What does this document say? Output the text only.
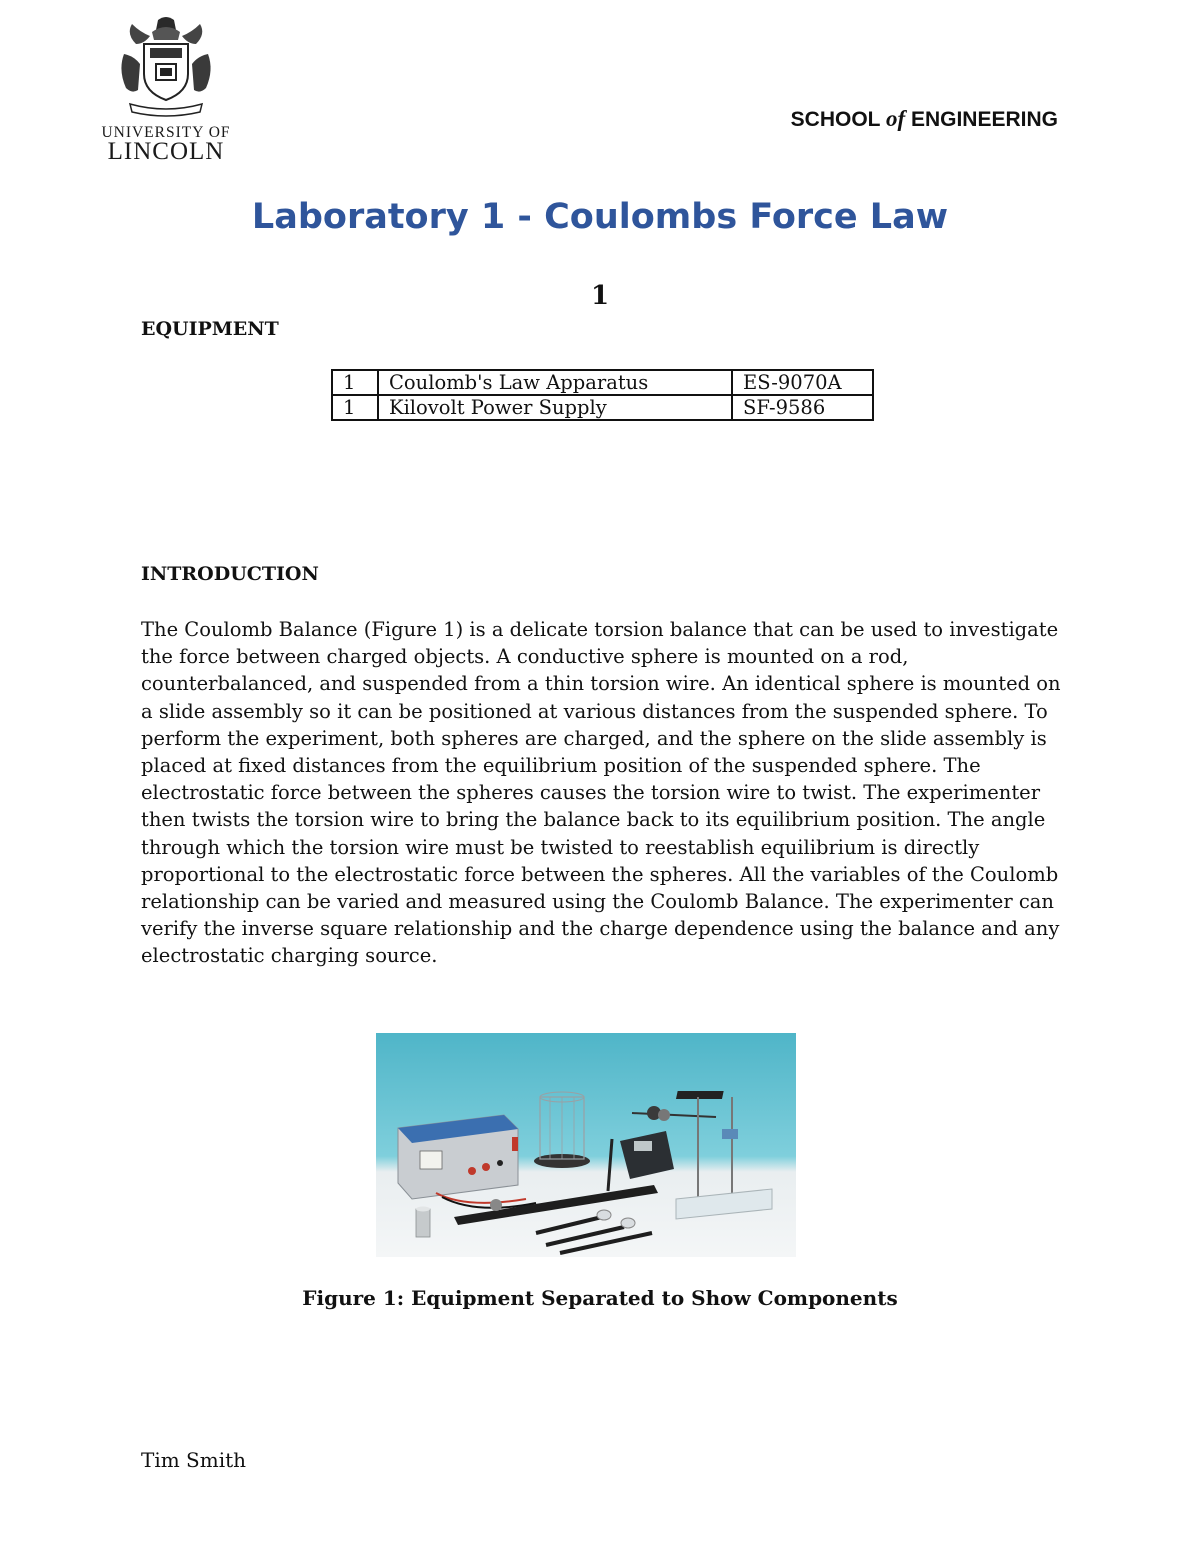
UNIVERSITY OF
LINCOLN
SCHOOL of ENGINEERING
Laboratory 1 - Coulombs Force Law
1
EQUIPMENT
1	Coulomb's Law Apparatus	ES-9070A
1	Kilovolt Power Supply	SF-9586
INTRODUCTION
The Coulomb Balance (Figure 1) is a delicate torsion balance that can be used to investigate the force between charged objects. A conductive sphere is mounted on a rod, counterbalanced, and suspended from a thin torsion wire. An identical sphere is mounted on a slide assembly so it can be positioned at various distances from the suspended sphere. To perform the experiment, both spheres are charged, and the sphere on the slide assembly is placed at fixed distances from the equilibrium position of the suspended sphere. The electrostatic force between the spheres causes the torsion wire to twist. The experimenter then twists the torsion wire to bring the balance back to its equilibrium position. The angle through which the torsion wire must be twisted to reestablish equilibrium is directly proportional to the electrostatic force between the spheres. All the variables of the Coulomb relationship can be varied and measured using the Coulomb Balance. The experimenter can verify the inverse square relationship and the charge dependence using the balance and any electrostatic charging source.
Figure 1: Equipment Separated to Show Components
Tim Smith
